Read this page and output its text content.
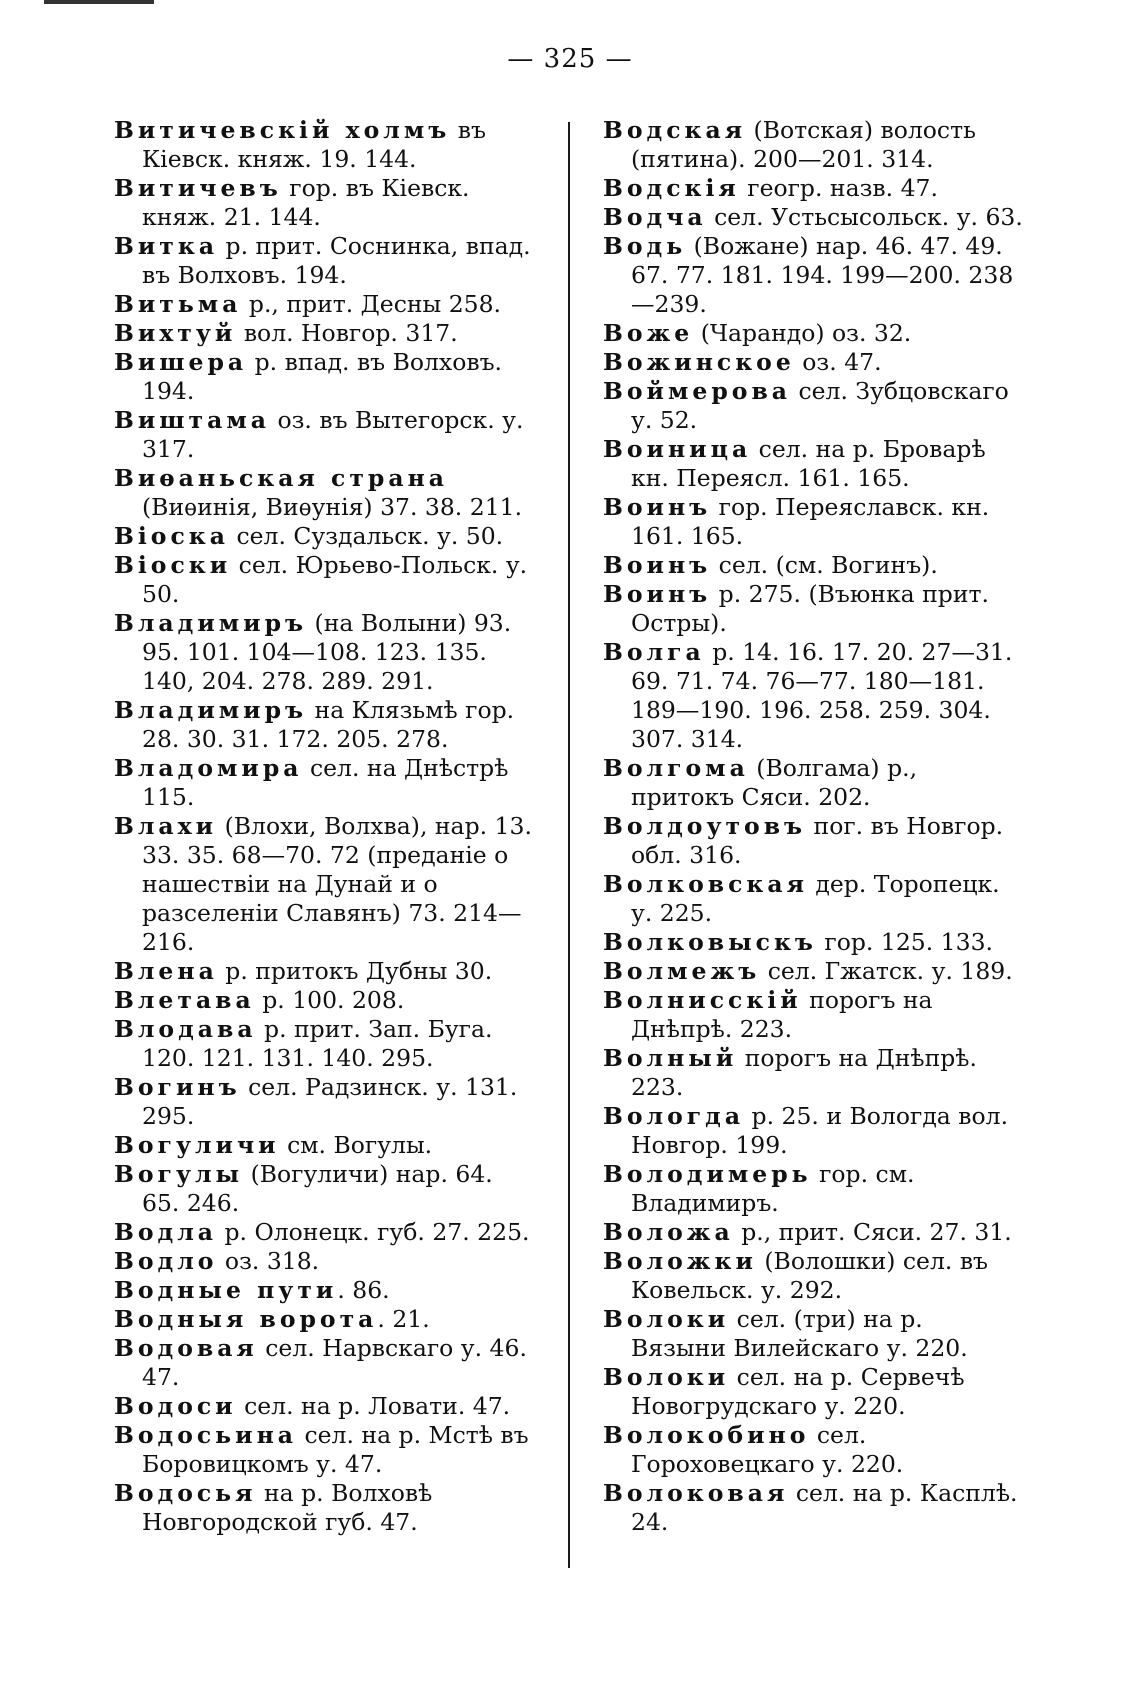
— 325 —
Витичевскій холмъ въ Кіевск. княж. 19. 144.
Витичевъ гор. въ Кіевск. княж. 21. 144.
Витка р. прит. Соснинка, впад. въ Волховъ. 194.
Витьма р., прит. Десны 258.
Вихтуй вол. Новгор. 317.
Вишера р. впад. въ Волховъ. 194.
Виштама оз. въ Вытегорск. у. 317.
Виѳаньская страна (Виѳинія, Виѳунія) 37. 38. 211.
Віоска сел. Суздальск. у. 50.
Віоски сел. Юрьево-Польск. у. 50.
Владимиръ (на Волыни) 93. 95. 101. 104—108. 123. 135. 140, 204. 278. 289. 291.
Владимиръ на Клязьмѣ гор. 28. 30. 31. 172. 205. 278.
Владомира сел. на Днѣстрѣ 115.
Влахи (Влохи, Волхва), нар. 13. 33. 35. 68—70. 72 (преданіе о нашествіи на Дунай и о разселеніи Славянъ) 73. 214—216.
Влена р. притокъ Дубны 30.
Влетава р. 100. 208.
Влодава р. прит. Зап. Буга. 120. 121. 131. 140. 295.
Вогинъ сел. Радзинск. у. 131. 295.
Вогуличи см. Вогулы.
Вогулы (Вогуличи) нар. 64. 65. 246.
Водла р. Олонецк. губ. 27. 225.
Водло оз. 318.
Водные пути. 86.
Водныя ворота. 21.
Водовая сел. Нарвскаго у. 46. 47.
Водоси сел. на р. Ловати. 47.
Водосьина сел. на р. Мстѣ въ Боровицкомъ у. 47.
Водосья на р. Волховѣ Новгородской губ. 47.
Водская (Вотская) волость (пятина). 200—201. 314.
Водскія геогр. назв. 47.
Водча сел. Устьсысольск. у. 63.
Водь (Вожане) нар. 46. 47. 49. 67. 77. 181. 194. 199—200. 238—239.
Воже (Чарандо) оз. 32.
Вожинское оз. 47.
Воймерова сел. Зубцовскаго у. 52.
Воиница сел. на р. Броварѣ кн. Переясл. 161. 165.
Воинъ гор. Переяславск. кн. 161. 165.
Воинъ сел. (см. Вогинъ).
Воинъ р. 275. (Въюнка прит. Остры).
Волга р. 14. 16. 17. 20. 27—31. 69. 71. 74. 76—77. 180—181. 189—190. 196. 258. 259. 304. 307. 314.
Волгома (Волгама) р., притокъ Сяси. 202.
Волдоутовъ пог. въ Новгор. обл. 316.
Волковская дер. Торопецк. у. 225.
Волковыскъ гор. 125. 133.
Волмежъ сел. Гжатск. у. 189.
Волнисскій порогъ на Днѣпрѣ. 223.
Волный порогъ на Днѣпрѣ. 223.
Вологда р. 25. и Вологда вол. Новгор. 199.
Володимерь гор. см. Владимиръ.
Воложа р., прит. Сяси. 27. 31.
Воложки (Волошки) сел. въ Ковельск. у. 292.
Волоки сел. (три) на р. Вязыни Вилейскаго у. 220.
Волоки сел. на р. Сервечѣ Новогрудскаго у. 220.
Волокобино сел. Гороховецкаго у. 220.
Волоковая сел. на р. Касплѣ. 24.
